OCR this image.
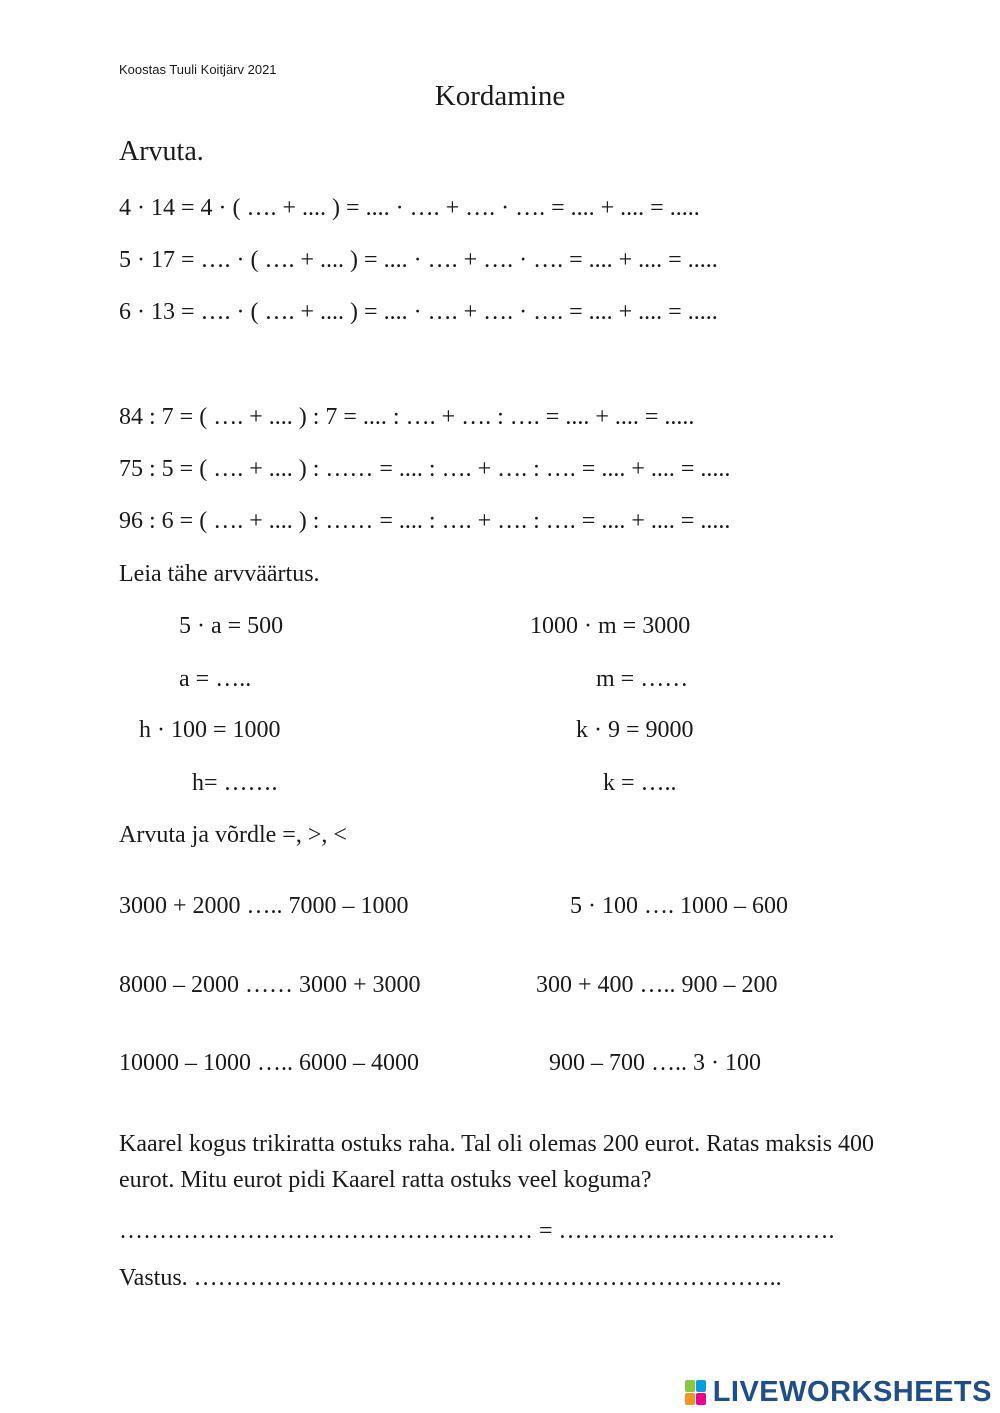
Koostas Tuuli Koitjärv 2021
Kordamine
Arvuta.
4 · 14 = 4 · ( …. + .... ) = .... · …. + …. · …. = .... + .... = .....
5 · 17 = …. · ( …. + .... ) = .... · …. + …. · …. = .... + .... = .....
6 · 13 = …. · ( …. + .... ) = .... · …. + …. · …. = .... + .... = .....
84 : 7 = ( …. + .... ) : 7 = .... : …. + …. : …. = .... + .... = .....
75 : 5 = ( …. + .... ) : …… = .... : …. + …. : …. = .... + .... = .....
96 : 6 = ( …. + .... ) : …… = .... : …. + …. : …. = .... + .... = .....
Leia tähe arvväärtus.
5 · a = 500
a = …..
h · 100 = 1000
h= …….
1000 · m = 3000
m = ……
k · 9 = 9000
k = …..
Arvuta ja võrdle =, >, <
3000 + 2000 ….. 7000 – 1000
8000 – 2000 …… 3000 + 3000
10000 – 1000 ….. 6000 – 4000
5 · 100 …. 1000 – 600
300 + 400 ….. 900 – 200
900 – 700 ….. 3 · 100
Kaarel kogus trikiratta ostuks raha. Tal oli olemas 200 eurot. Ratas maksis 400 eurot. Mitu eurot pidi Kaarel ratta ostuks veel koguma?
……………………………………….…… = …………….……………….
Vastus. ………………………………………………………………..
LIVEWORKSHEETS
